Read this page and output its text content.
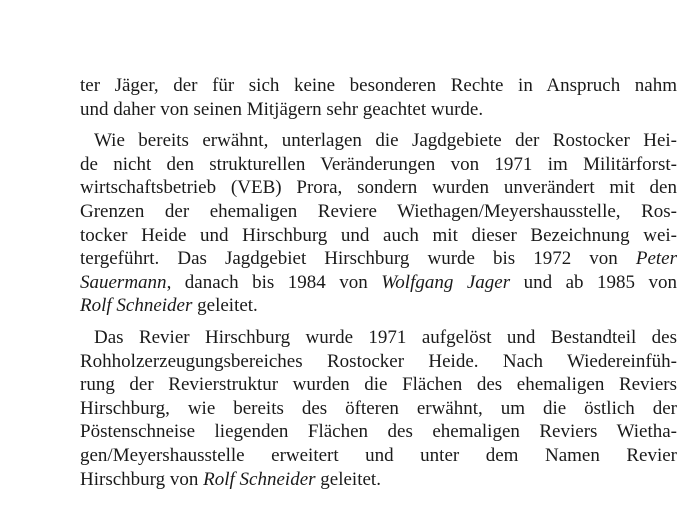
ter Jäger, der für sich keine besonderen Rechte in Anspruch nahm
und daher von seinen Mitjägern sehr geachtet wurde.
Wie bereits erwähnt, unterlagen die Jagdgebiete der Rostocker Hei-
de nicht den strukturellen Veränderungen von 1971 im Militärforst-
wirtschaftsbetrieb (VEB) Prora, sondern wurden unverändert mit den
Grenzen der ehemaligen Reviere Wiethagen/Meyershausstelle, Ros-
tocker Heide und Hirschburg und auch mit dieser Bezeichnung wei-
tergeführt. Das Jagdgebiet Hirschburg wurde bis 1972 von Peter
Sauermann, danach bis 1984 von Wolfgang Jager und ab 1985 von
Rolf Schneider geleitet.
Das Revier Hirschburg wurde 1971 aufgelöst und Bestandteil des
Rohholzerzeugungsbereiches Rostocker Heide. Nach Wiedereinfüh-
rung der Revierstruktur wurden die Flächen des ehemaligen Reviers
Hirschburg, wie bereits des öfteren erwähnt, um die östlich der
Pöstenschneise liegenden Flächen des ehemaligen Reviers Wietha-
gen/Meyershausstelle erweitert und unter dem Namen Revier
Hirschburg von Rolf Schneider geleitet.
